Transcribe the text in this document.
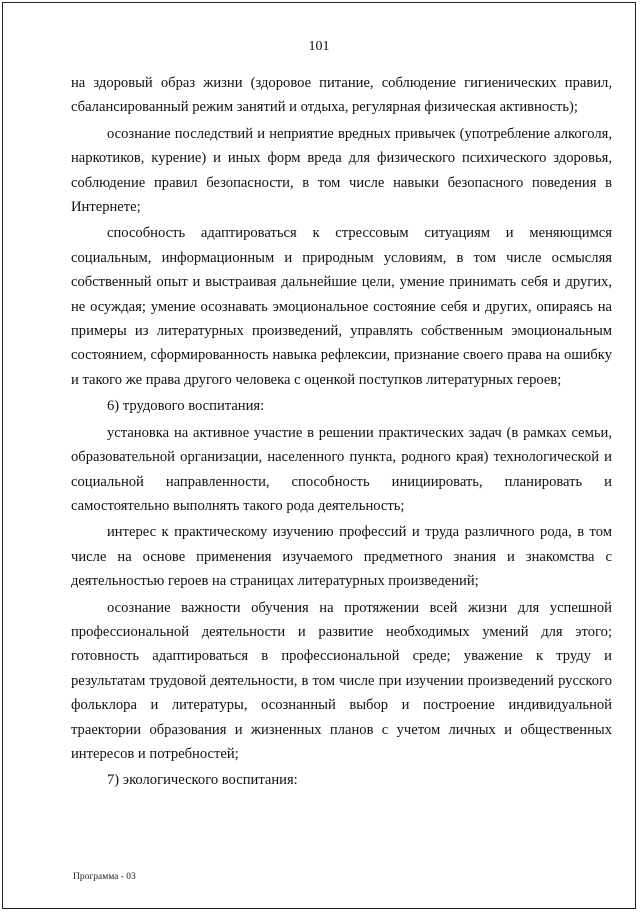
101

на здоровый образ жизни (здоровое питание, соблюдение гигиенических правил, сбалансированный режим занятий и отдыха, регулярная физическая активность);

осознание последствий и неприятие вредных привычек (употребление алкоголя, наркотиков, курение) и иных форм вреда для физического психического здоровья, соблюдение правил безопасности, в том числе навыки безопасного поведения в Интернете;

способность адаптироваться к стрессовым ситуациям и меняющимся социальным, информационным и природным условиям, в том числе осмысляя собственный опыт и выстраивая дальнейшие цели, умение принимать себя и других, не осуждая; умение осознавать эмоциональное состояние себя и других, опираясь на примеры из литературных произведений, управлять собственным эмоциональным состоянием, сформированность навыка рефлексии, признание своего права на ошибку и такого же права другого человека с оценкой поступков литературных героев;

6) трудового воспитания:

установка на активное участие в решении практических задач (в рамках семьи, образовательной организации, населенного пункта, родного края) технологической и социальной направленности, способность инициировать, планировать и самостоятельно выполнять такого рода деятельность;

интерес к практическому изучению профессий и труда различного рода, в том числе на основе применения изучаемого предметного знания и знакомства с деятельностью героев на страницах литературных произведений;

осознание важности обучения на протяжении всей жизни для успешной профессиональной деятельности и развитие необходимых умений для этого; готовность адаптироваться в профессиональной среде; уважение к труду и результатам трудовой деятельности, в том числе при изучении произведений русского фольклора и литературы, осознанный выбор и построение индивидуальной траектории образования и жизненных планов с учетом личных и общественных интересов и потребностей;

7) экологического воспитания:

Программа - 03
